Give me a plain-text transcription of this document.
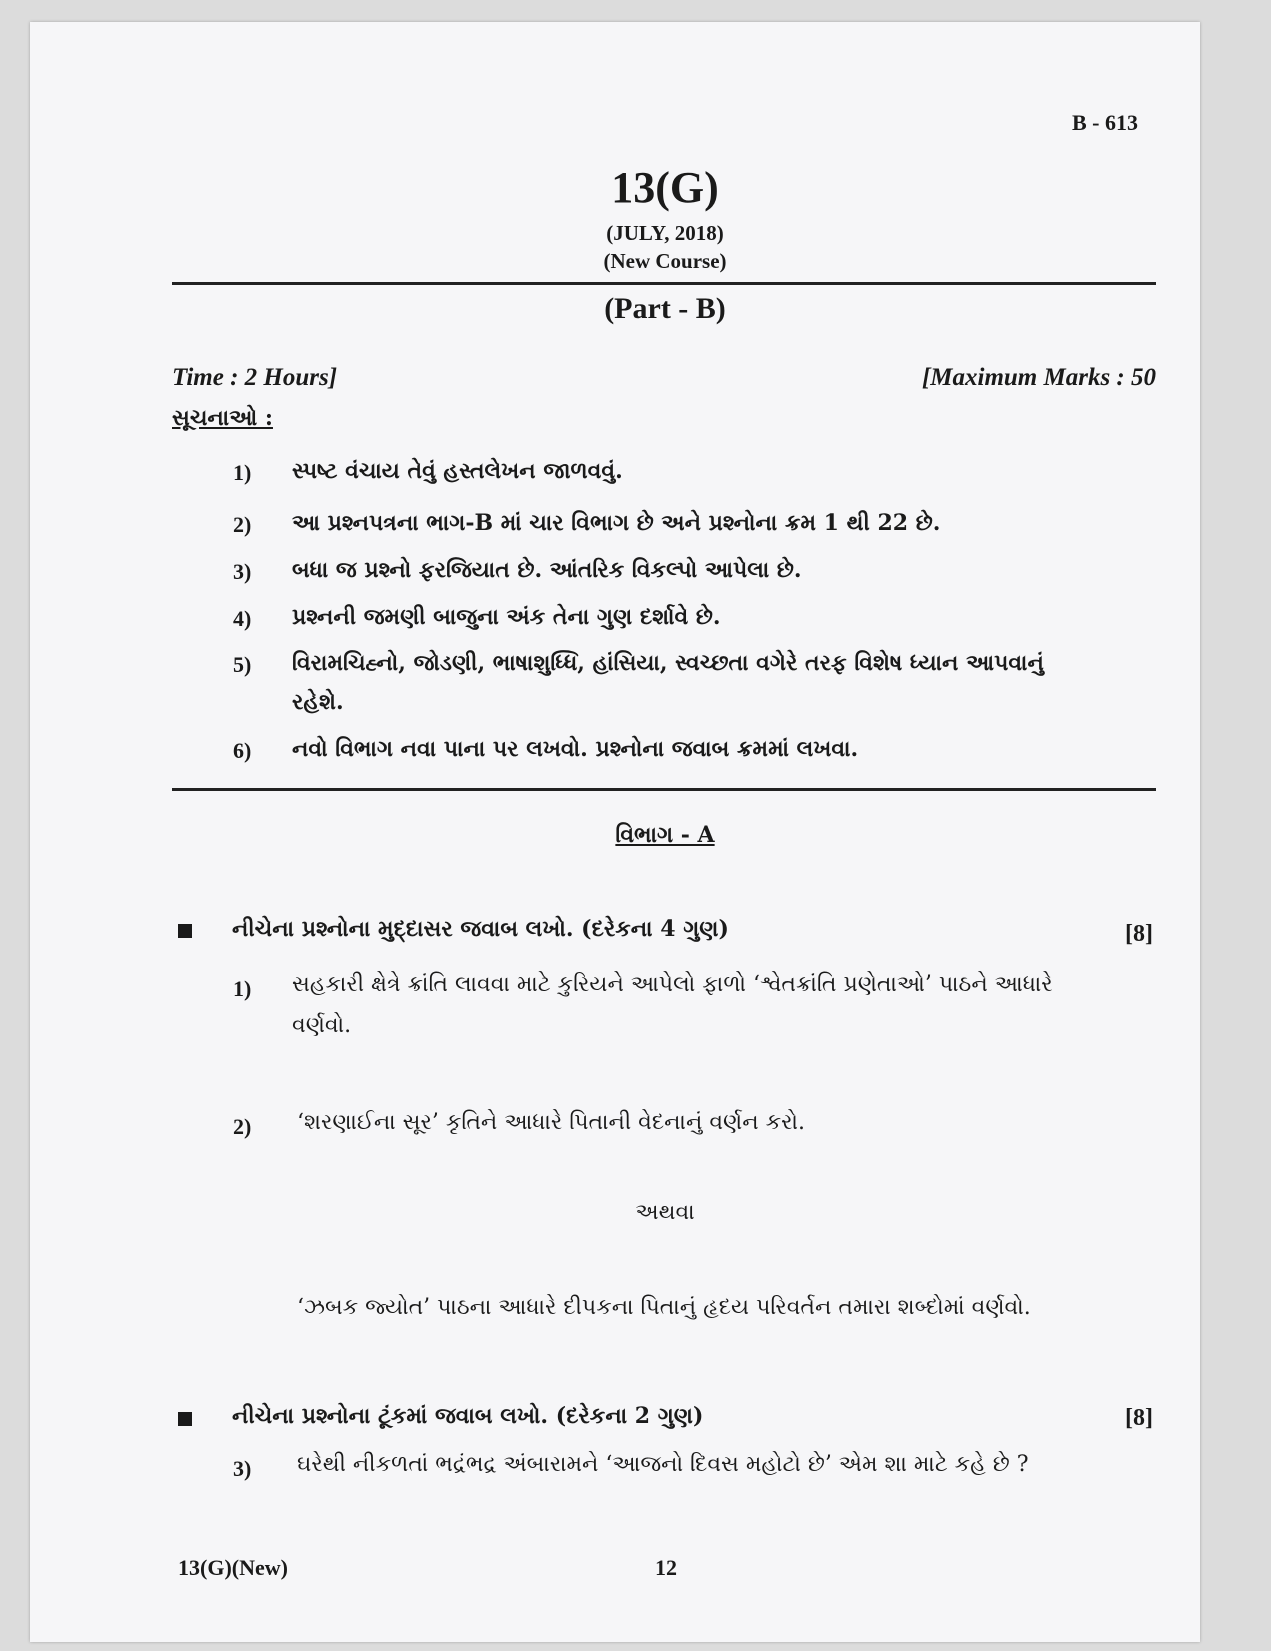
B - 613
13(G)
(JULY, 2018)
(New Course)
(Part - B)
Time : 2 Hours]	[Maximum Marks : 50
સૂચનાઓ :
1) સ્પષ્ટ વંચાય તેવું હસ્તલેખન જાળવવું.
2) આ પ્રશ્નપત્રના ભાગ-B માં ચાર વિભાગ છે અને પ્રશ્નોના ક્રમ 1 થી 22 છે.
3) બધા જ પ્રશ્નો ફરજિયાત છે. આંતરિક વિકલ્પો આપેલા છે.
4) પ્રશ્નની જમણી બાજુના અંક તેના ગુણ દર્શાવે છે.
5) વિરામચિહ્નો, જોડણી, ભાષાશુધ્ધિ, હાંસિયા, સ્વચ્છતા વગેરે તરફ વિશેષ ધ્યાન આપવાનું
રહેશે.
6) નવો વિભાગ નવા પાના પર લખવો. પ્રશ્નોના જવાબ ક્રમમાં લખવા.
વિભાગ - A
નીચેના પ્રશ્નોના મુદ્દાસર જવાબ લખો. (દરેકના 4 ગુણ)	[8]
1) સહકારી ક્ષેત્રે ક્રાંતિ લાવવા માટે કુરિયને આપેલો ફાળો ‘શ્વેતક્રાંતિ પ્રણેતાઓ’ પાઠને આધારે
વર્ણવો.
2) ‘શરણાઈના સૂર’ કૃતિને આધારે પિતાની વેદનાનું વર્ણન કરો.
અથવા
‘ઝબક જ્યોત’ પાઠના આધારે દીપકના પિતાનું હૃદય પરિવર્તન તમારા શબ્દોમાં વર્ણવો.
નીચેના પ્રશ્નોના ટૂંકમાં જવાબ લખો. (દરેકના 2 ગુણ)	[8]
3) ઘરેથી નીકળતાં ભદ્રંભદ્ર અંબારામને ‘આજનો દિવસ મહોટો છે’ એમ શા માટે કહે છે ?
13(G)(New)	12
